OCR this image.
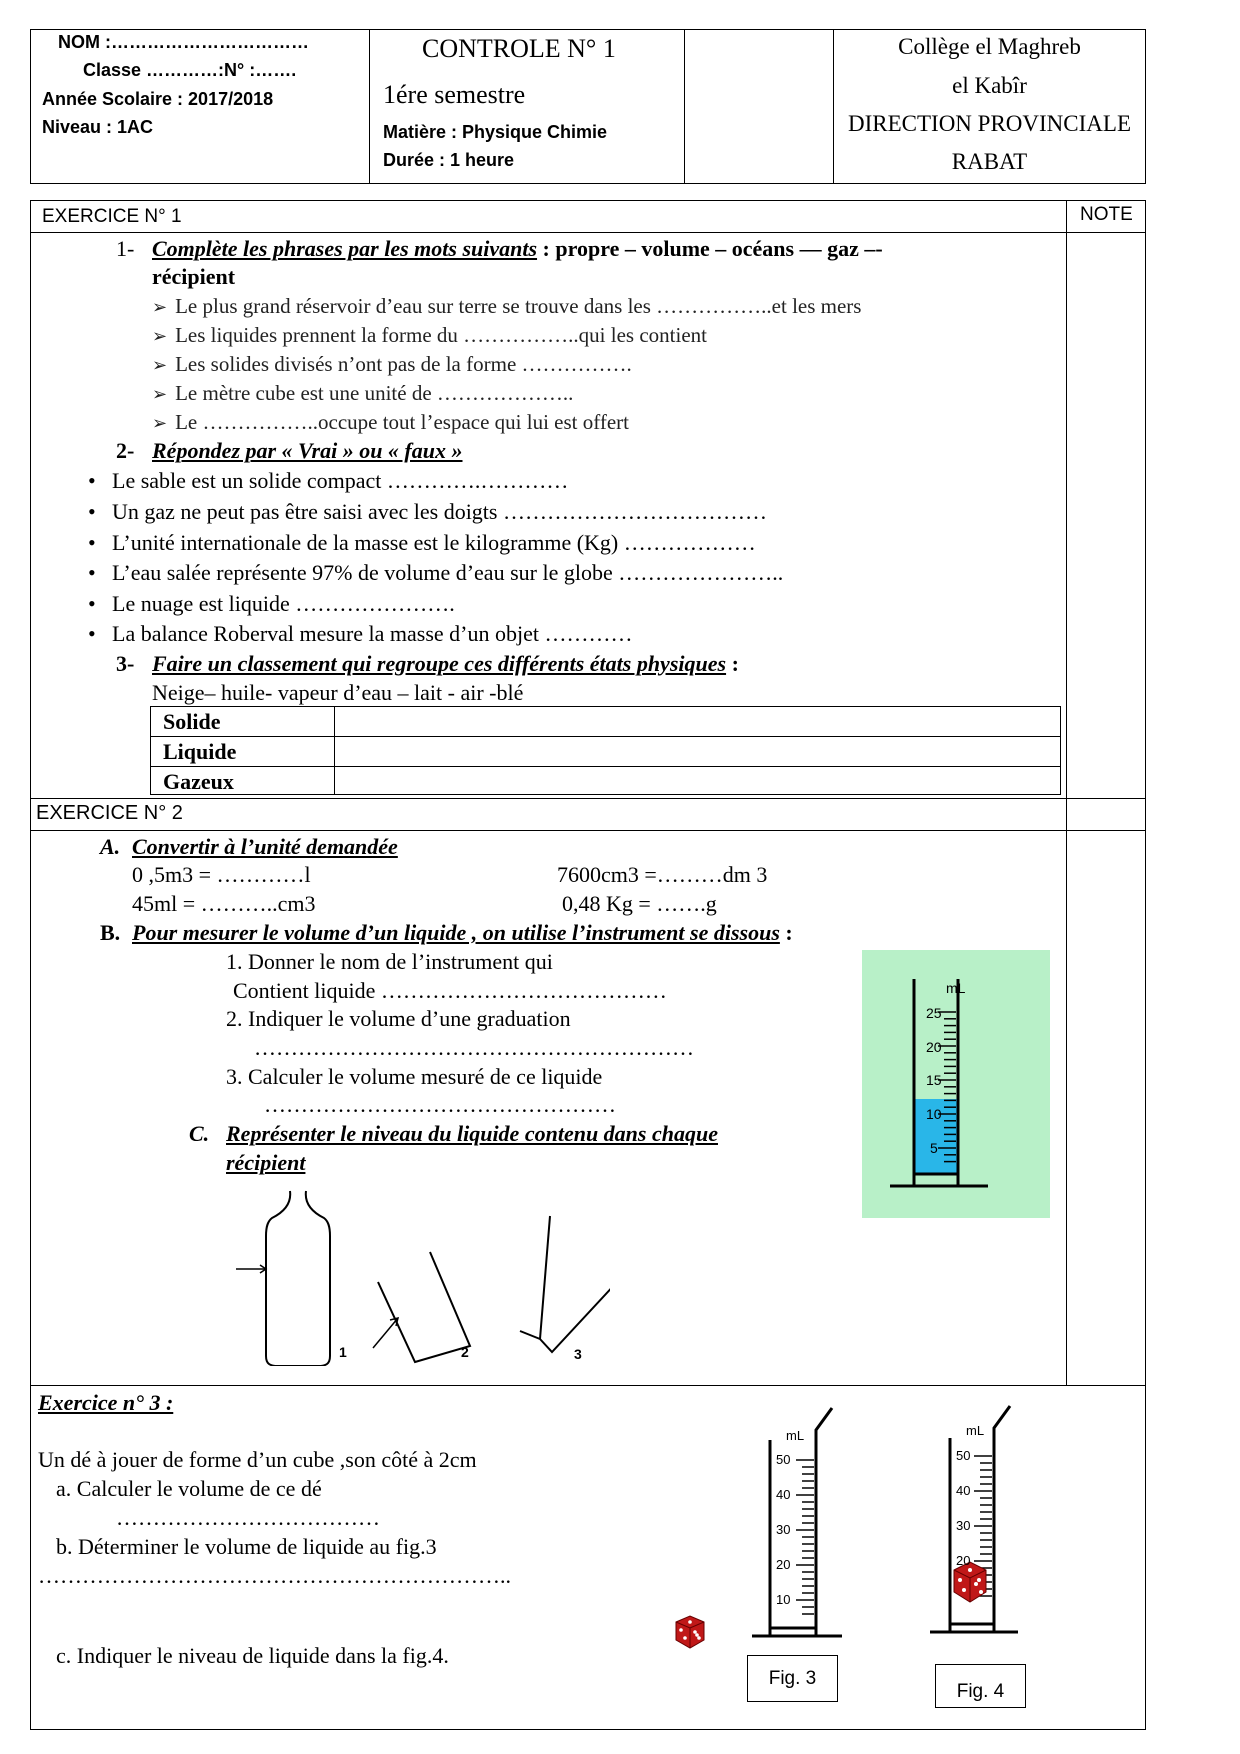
NOM :……………………………
Classe …………:N° :…….
Année Scolaire : 2017/2018
Niveau : 1AC
CONTROLE N° 1
1ére semestre
Matière : Physique Chimie
Durée : 1 heure
Collège el Maghreb
el Kabîr
DIRECTION PROVINCIALE
RABAT
EXERCICE N° 1	NOTE
1- Complète les phrases par les mots suivants : propre – volume – océans — gaz –-
récipient
➢ Le plus grand réservoir d’eau sur terre se trouve dans les ……………..et les mers
➢ Les liquides prennent la forme du ……………..qui les contient
➢ Les solides divisés n’ont pas de la forme …………….
➢ Le mètre cube est une unité de ………………..
➢ Le ……………..occupe tout l’espace qui lui est offert
2- Répondez par « Vrai » ou « faux »
• Le sable est un solide compact ………….…………
• Un gaz ne peut pas être saisi avec les doigts ………………………………
• L’unité internationale de la masse est le kilogramme (Kg) ………………
• L’eau salée représente 97% de volume d’eau sur le globe …………………..
• Le nuage est liquide ………………….
• La balance Roberval mesure la masse d’un objet …………
3- Faire un classement qui regroupe ces différents états physiques :
Neige– huile- vapeur d’eau – lait - air -blé
Solide
Liquide
Gazeux
EXERCICE N° 2
A. Convertir à l’unité demandée
0 ,5m3 = …………l	7600cm3 =………dm 3
45ml = ………..cm3	0,48 Kg = …….g
B. Pour mesurer le volume d’un liquide , on utilise l’instrument se dissous :
1. Donner le nom de l’instrument qui
Contient liquide …………………………………
2. Indiquer le volume d’une graduation
……………………………………………………
3. Calculer le volume mesuré de ce liquide
…………………………………………
C. Représenter le niveau du liquide contenu dans chaque
récipient
mL
25
20
15
10
5
1	2	3
Exercice n° 3 :
Un dé à jouer de forme d’un cube ,son côté à 2cm
a. Calculer le volume de ce dé
………………………………
b. Déterminer le volume de liquide au fig.3
………………………………………………………..
c. Indiquer le niveau de liquide dans la fig.4.
mL
50
40
30
20
10
mL
50
40
30
20
Fig. 3
Fig. 4
